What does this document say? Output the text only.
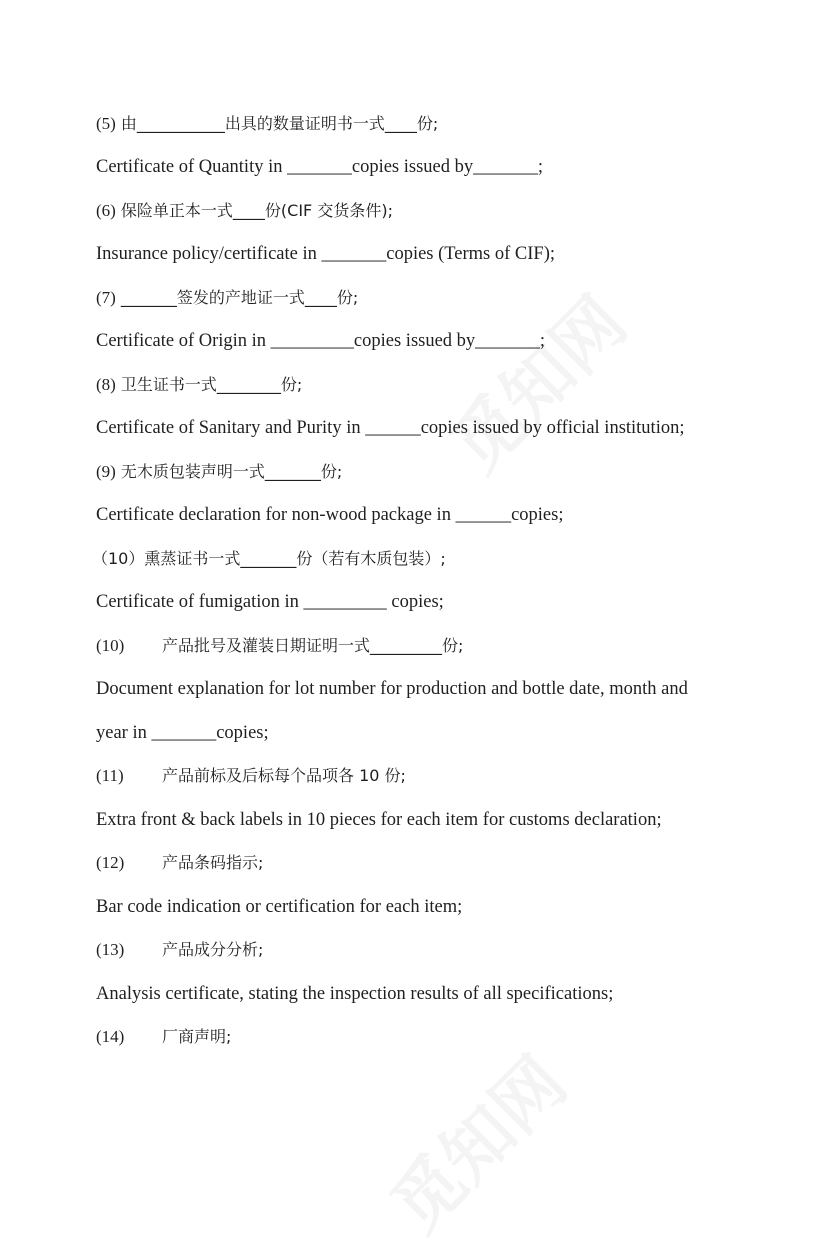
(5) 由___________出具的数量证明书一式____份;
Certificate of Quantity in _______copies issued by_______;
(6) 保险单正本一式____份(CIF 交货条件);
Insurance policy/certificate in _______copies (Terms of CIF);
(7) _______签发的产地证一式____份;
Certificate of Origin in _________copies issued by_______;
(8) 卫生证书一式________份;
Certificate of Sanitary and Purity in ______copies issued by official institution;
(9) 无木质包装声明一式_______份;
Certificate declaration for non-wood package in ______copies;
（10）熏蒸证书一式_______份（若有木质包装）;
Certificate of fumigation in _________ copies;
(10) 产品批号及灌装日期证明一式_________份;
Document explanation for lot number for production and bottle date, month and
year in _______copies;
(11) 产品前标及后标每个品项各 10 份;
Extra front & back labels in 10 pieces for each item for customs declaration;
(12) 产品条码指示;
Bar code indication or certification for each item;
(13) 产品成分分析;
Analysis certificate, stating the inspection results of all specifications;
(14) 厂商声明;
